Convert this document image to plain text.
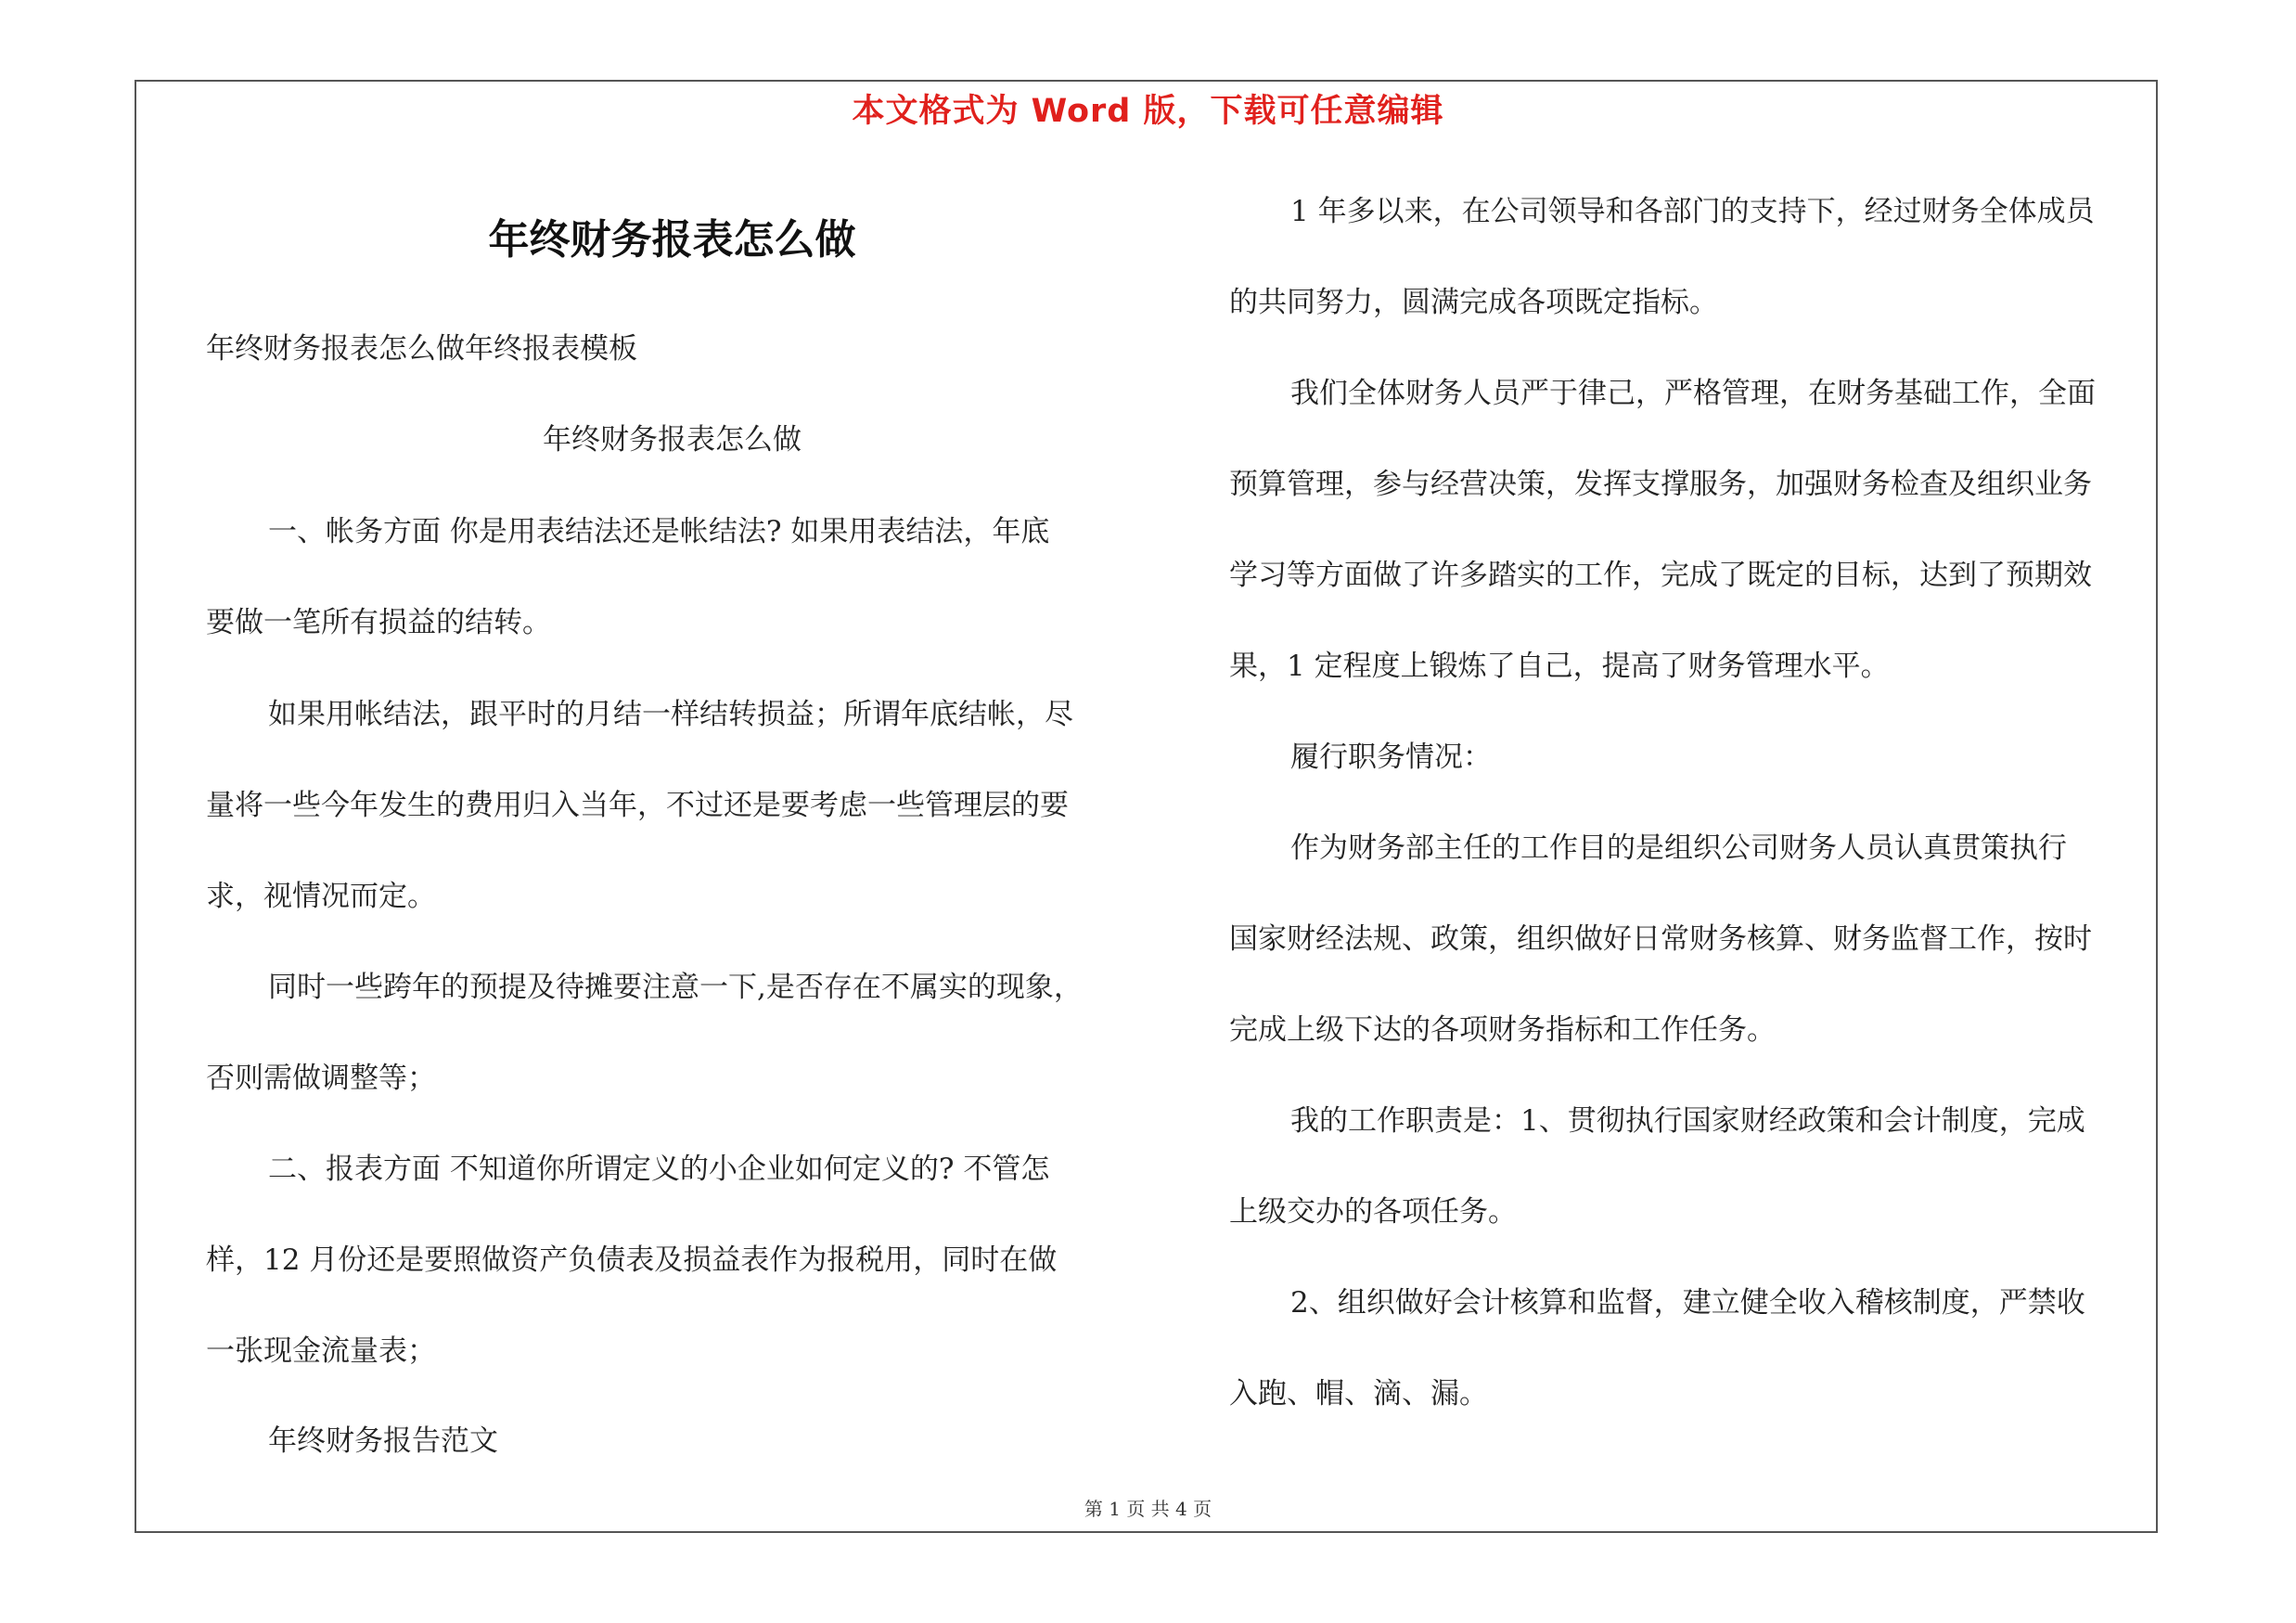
本文格式为 Word 版，下载可任意编辑
年终财务报表怎么做
年终财务报表怎么做年终报表模板
年终财务报表怎么做
一、帐务方面 你是用表结法还是帐结法? 如果用表结法，年底
要做一笔所有损益的结转。
如果用帐结法，跟平时的月结一样结转损益；所谓年底结帐，尽
量将一些今年发生的费用归入当年，不过还是要考虑一些管理层的要
求，视情况而定。
同时一些跨年的预提及待摊要注意一下,是否存在不属实的现象，
否则需做调整等；
二、报表方面 不知道你所谓定义的小企业如何定义的? 不管怎
样，12 月份还是要照做资产负债表及损益表作为报税用，同时在做
一张现金流量表；
年终财务报告范文
1 年多以来，在公司领导和各部门的支持下，经过财务全体成员
的共同努力，圆满完成各项既定指标。
我们全体财务人员严于律己，严格管理，在财务基础工作，全面
预算管理，参与经营决策，发挥支撑服务，加强财务检查及组织业务
学习等方面做了许多踏实的工作，完成了既定的目标，达到了预期效
果，1 定程度上锻炼了自己，提高了财务管理水平。
履行职务情况：
作为财务部主任的工作目的是组织公司财务人员认真贯策执行
国家财经法规、政策，组织做好日常财务核算、财务监督工作，按时
完成上级下达的各项财务指标和工作任务。
我的工作职责是：1、贯彻执行国家财经政策和会计制度，完成
上级交办的各项任务。
2、组织做好会计核算和监督，建立健全收入稽核制度，严禁收
入跑、帽、滴、漏。
第 1 页 共 4 页
